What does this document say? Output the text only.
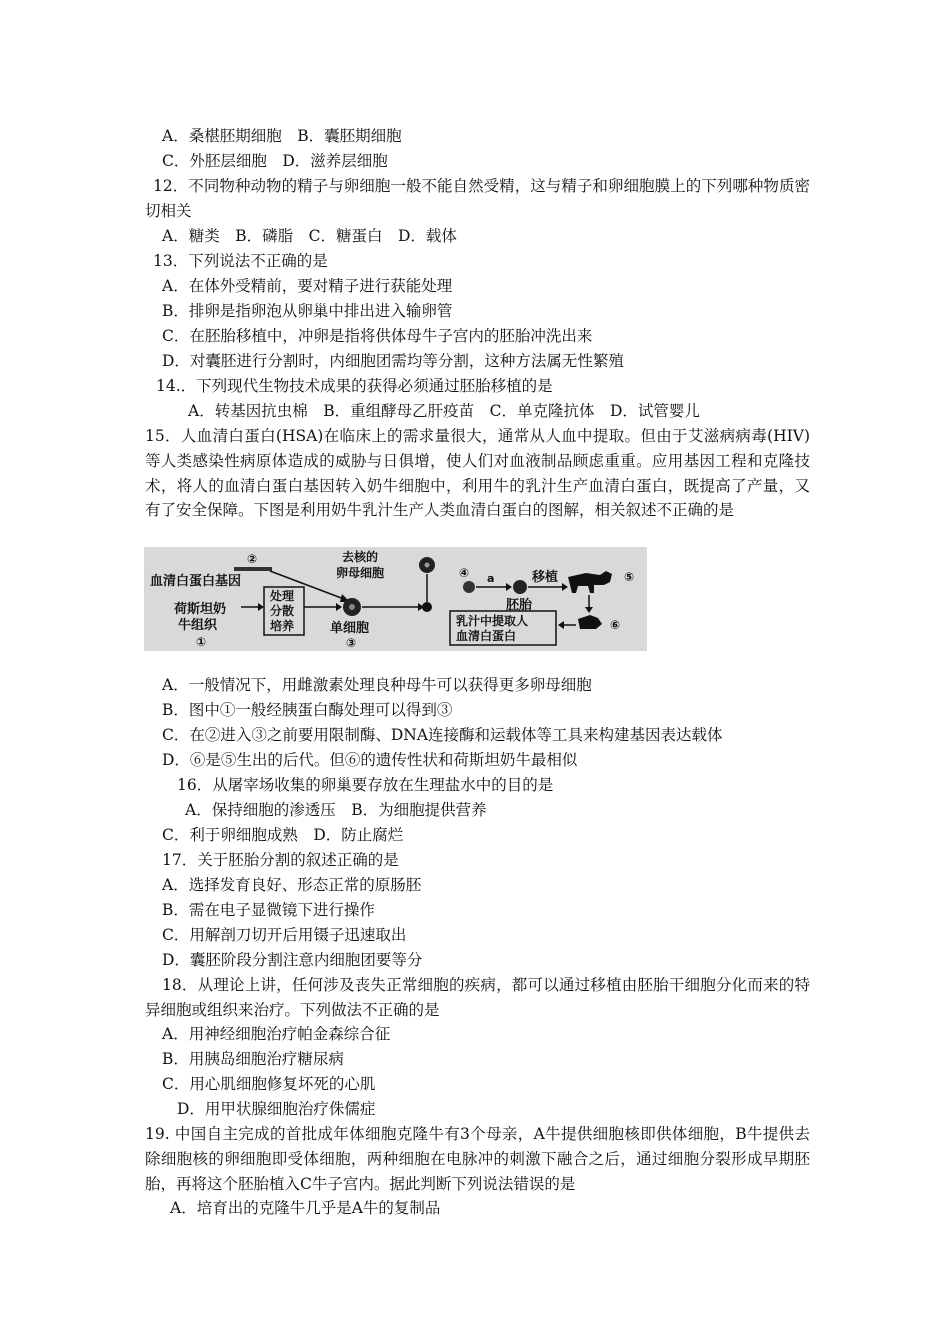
A．桑椹胚期细胞　B．囊胚期细胞
C．外胚层细胞　D．滋养层细胞
12．不同物种动物的精子与卵细胞一般不能自然受精，这与精子和卵细胞膜上的下列哪种物质密切相关
A．糖类　B．磷脂　C．糖蛋白　D．载体
13．下列说法不正确的是
A．在体外受精前，要对精子进行获能处理
B．排卵是指卵泡从卵巢中排出进入输卵管
C．在胚胎移植中，冲卵是指将供体母牛子宫内的胚胎冲洗出来
D．对囊胚进行分割时，内细胞团需均等分割，这种方法属无性繁殖
14.．下列现代生物技术成果的获得必须通过胚胎移植的是
A．转基因抗虫棉　B．重组酵母乙肝疫苗　C．单克隆抗体　D．试管婴儿
15．人血清白蛋白(HSA)在临床上的需求量很大，通常从人血中提取。但由于艾滋病病毒(HIV)等人类感染性病原体造成的威胁与日俱增，使人们对血液制品顾虑重重。应用基因工程和克隆技术，将人的血清白蛋白基因转入奶牛细胞中，利用牛的乳汁生产血清白蛋白，既提高了产量，又有了安全保障。下图是利用奶牛乳汁生产人类血清白蛋白的图解，相关叙述不正确的是
②
血清白蛋白基因
荷斯坦奶
牛组织
①
处理
分散
培养	单细胞
③
去核的
卵母细胞	④ a
胚胎
移植	⑤
⑥
乳汁中提取人
血清白蛋白
A．一般情况下，用雌激素处理良种母牛可以获得更多卵母细胞
B．图中①一般经胰蛋白酶处理可以得到③
C．在②进入③之前要用限制酶、DNA连接酶和运载体等工具来构建基因表达载体
D．⑥是⑤生出的后代。但⑥的遗传性状和荷斯坦奶牛最相似
16．从屠宰场收集的卵巢要存放在生理盐水中的目的是
A．保持细胞的渗透压　B．为细胞提供营养
C．利于卵细胞成熟　D．防止腐烂
17．关于胚胎分割的叙述正确的是
A．选择发育良好、形态正常的原肠胚
B．需在电子显微镜下进行操作
C．用解剖刀切开后用镊子迅速取出
D．囊胚阶段分割注意内细胞团要等分
18．从理论上讲，任何涉及丧失正常细胞的疾病，都可以通过移植由胚胎干细胞分化而来的特异细胞或组织来治疗。下列做法不正确的是
A．用神经细胞治疗帕金森综合征
B．用胰岛细胞治疗糖尿病
C．用心肌细胞修复坏死的心肌
D．用甲状腺细胞治疗侏儒症
19. 中国自主完成的首批成年体细胞克隆牛有3个母亲，A牛提供细胞核即供体细胞，B牛提供去除细胞核的卵细胞即受体细胞，两种细胞在电脉冲的刺激下融合之后，通过细胞分裂形成早期胚胎，再将这个胚胎植入C牛子宫内。据此判断下列说法错误的是
A．培育出的克隆牛几乎是A牛的复制品
